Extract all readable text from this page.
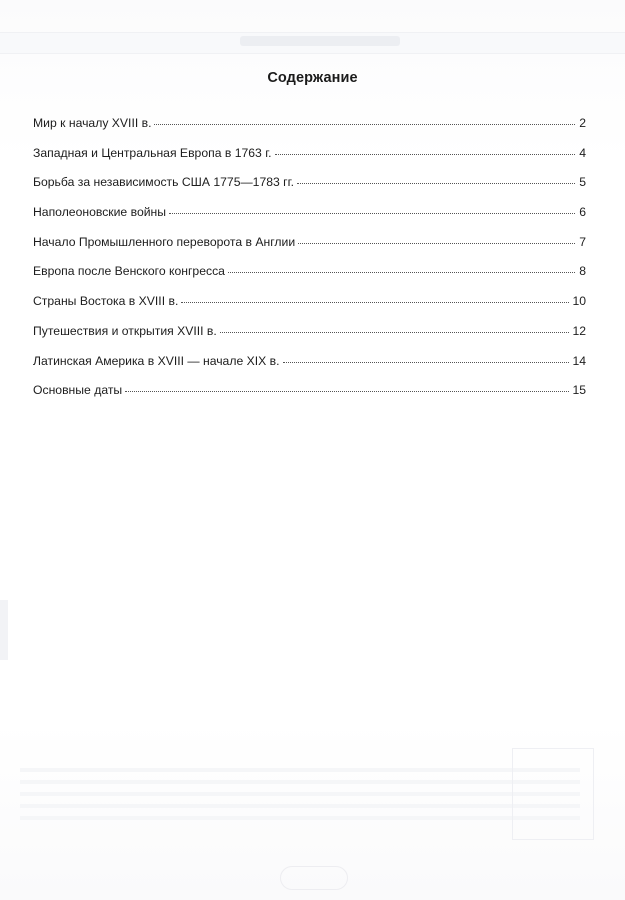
Содержание
Мир к началу XVIII в.	2
Западная и Центральная Европа в 1763 г.	4
Борьба за независимость США 1775—1783 гг.	5
Наполеоновские войны	6
Начало Промышленного переворота в Англии	7
Европа после Венского конгресса	8
Страны Востока в XVIII в.	10
Путешествия и открытия XVIII в.	12
Латинская Америка в XVIII — начале XIX в.	14
Основные даты	15
